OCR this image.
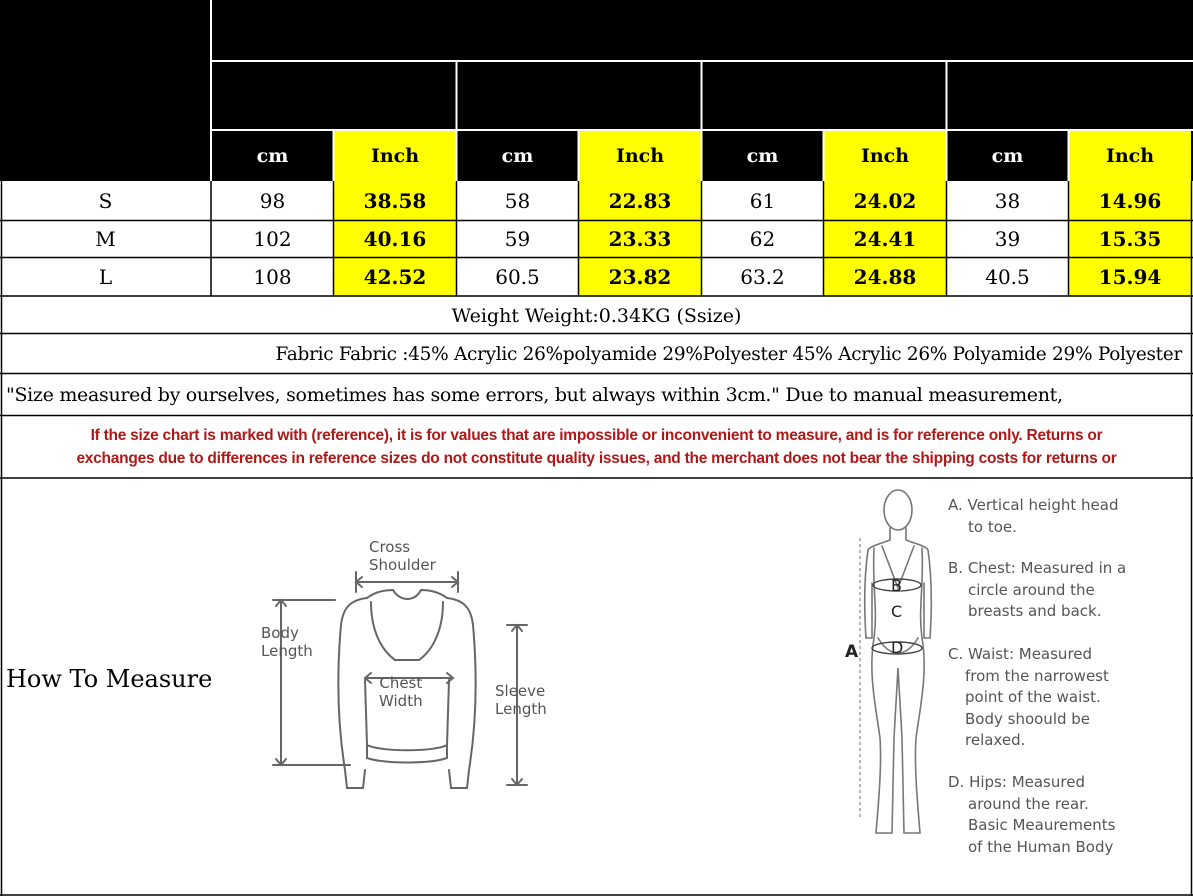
Size Size
Measurement Size Chart
Chest Chest	Length Length	Sleeve length
Shoulder
Shoulder width
cm	Inch	cm	Inch	cm	Inch	cm	Inch
S	98	38.58	58	22.83	61	24.02	38	14.96
M	102	40.16	59	23.33	62	24.41	39	15.35
L	108	42.52	60.5	23.82	63.2	24.88	40.5	15.94
Weight Weight:0.34KG (Ssize)
Fabric Fabric :45% Acrylic 26%polyamide 29%Polyester 45% Acrylic 26% Polyamide 29% Polyester
"Size measured by ourselves, sometimes has some errors, but always within 3cm." Due to manual measurement,
If the size chart is marked with (reference), it is for values that are impossible or inconvenient to measure, and is for reference only. Returns or
exchanges due to differences in reference sizes do not constitute quality issues, and the merchant does not bear the shipping costs for returns or
How To Measure
Cross
Shoulder
Body
Length
Chest
Width
Sleeve
Length
A
B
C
D
A. Vertical height head
to toe.
B. Chest: Measured in a
circle around the
breasts and back.
C. Waist: Measured
from the narrowest
point of the waist.
Body shoould be
relaxed.
D. Hips: Measured
around the rear.
Basic Meaurements
of the Human Body
